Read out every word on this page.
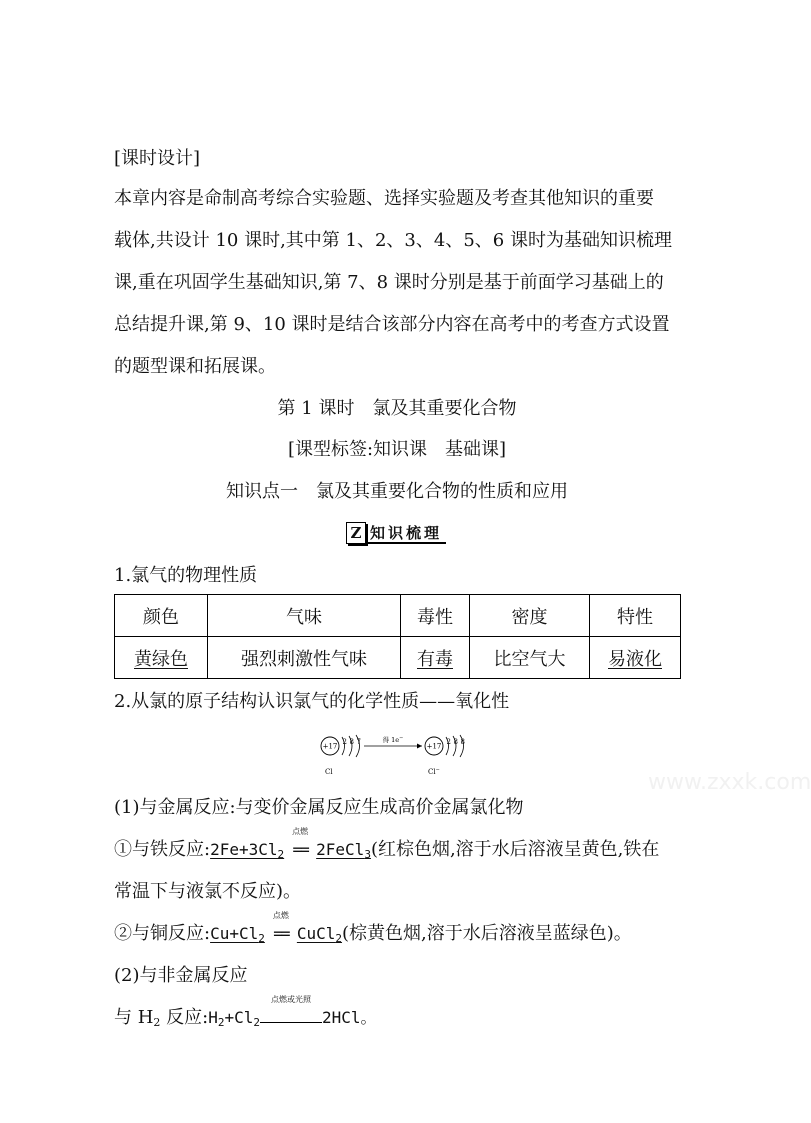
[课时设计]
本章内容是命制高考综合实验题、选择实验题及考查其他知识的重要
载体,共设计 10 课时,其中第 1、2、3、4、5、6 课时为基础知识梳理
课,重在巩固学生基础知识,第 7、8 课时分别是基于前面学习基础上的
总结提升课,第 9、10 课时是结合该部分内容在高考中的考查方式设置
的题型课和拓展课。
第 1 课时　氯及其重要化合物
[课型标签:知识课　基础课]
知识点一　氯及其重要化合物的性质和应用
Z 知识梳理
1.氯气的物理性质
颜色	气味	毒性	密度	特性
黄绿色	强烈刺激性气味	有毒	比空气大	易液化
2.从氯的原子结构认识氯气的化学性质——氧化性
+17
2 8 7	得 1e−
+17
2 8 8
Cl	Cl−	www.zxxk.com
(1)与金属反应:与变价金属反应生成高价金属氯化物
①与铁反应$:2Fe+3Cl_2$
点燃
== 2FeCl$_3$(红棕色烟,溶于水后溶液呈黄色,铁在
常温下与液氯不反应)。
②与铜反应$:Cu+Cl_2$
点燃
== CuCl$_2$(棕黄色烟,溶于水后溶液呈蓝绿色)。
(2)与非金属反应
与 $H_2$ 反应$:H_2+Cl_2$
点燃或光照
2HCl。
